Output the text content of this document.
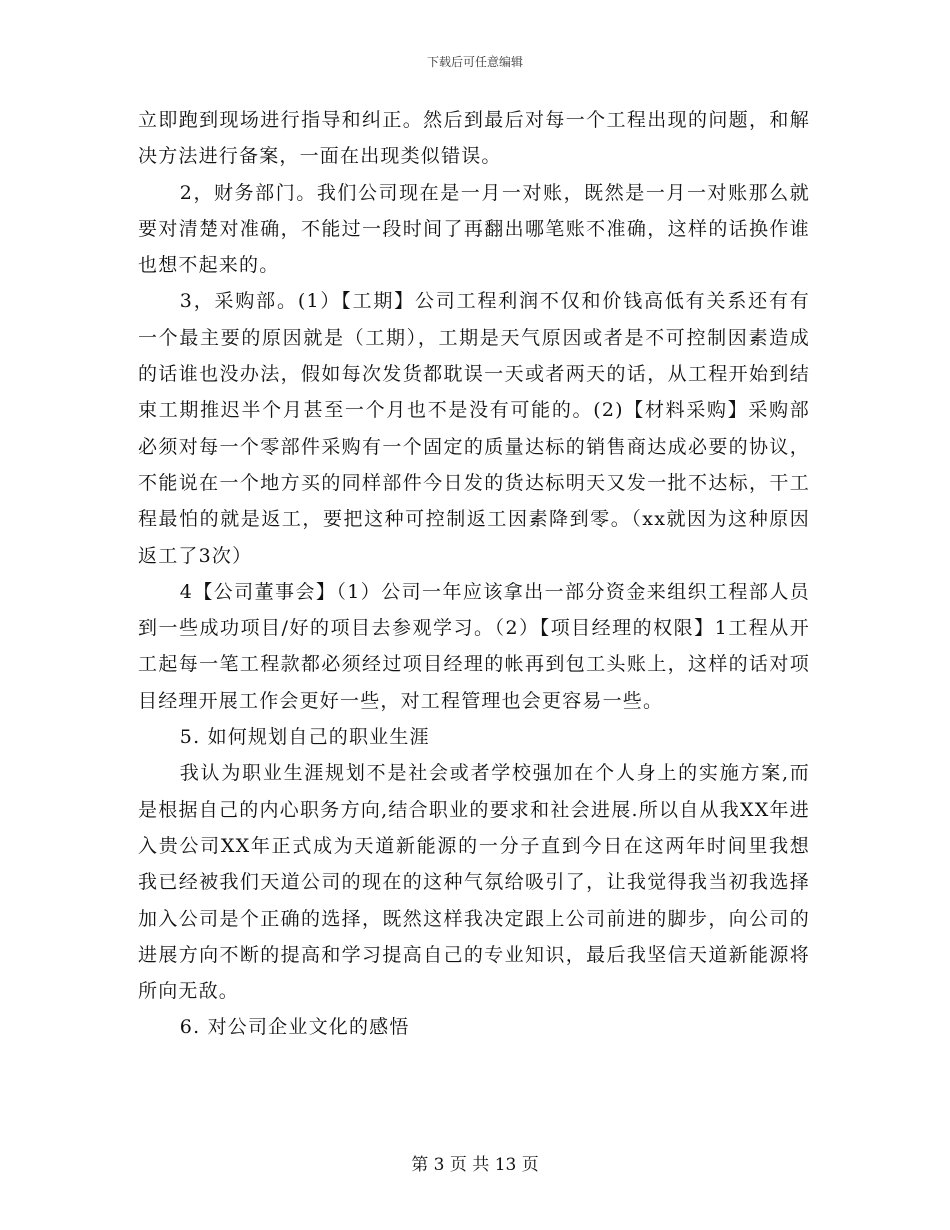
下载后可任意编辑

立即跑到现场进行指导和纠正。然后到最后对每一个工程出现的问题，和解决方法进行备案，一面在出现类似错误。

2，财务部门。我们公司现在是一月一对账，既然是一月一对账那么就要对清楚对准确，不能过一段时间了再翻出哪笔账不准确，这样的话换作谁也想不起来的。

3，采购部。(1）【工期】公司工程利润不仅和价钱高低有关系还有有一个最主要的原因就是（工期），工期是天气原因或者是不可控制因素造成的话谁也没办法，假如每次发货都耽误一天或者两天的话，从工程开始到结束工期推迟半个月甚至一个月也不是没有可能的。(2)【材料采购】采购部必须对每一个零部件采购有一个固定的质量达标的销售商达成必要的协议，不能说在一个地方买的同样部件今日发的货达标明天又发一批不达标，干工程最怕的就是返工，要把这种可控制返工因素降到零。（xx就因为这种原因返工了3次）

4【公司董事会】（1）公司一年应该拿出一部分资金来组织工程部人员到一些成功项目/好的项目去参观学习。（2）【项目经理的权限】1工程从开工起每一笔工程款都必须经过项目经理的帐再到包工头账上，这样的话对项目经理开展工作会更好一些，对工程管理也会更容易一些。

5. 如何规划自己的职业生涯

我认为职业生涯规划不是社会或者学校强加在个人身上的实施方案,而是根据自己的内心职务方向,结合职业的要求和社会进展.所以自从我XX年进入贵公司XX年正式成为天道新能源的一分子直到今日在这两年时间里我想我已经被我们天道公司的现在的这种气氛给吸引了，让我觉得我当初我选择加入公司是个正确的选择，既然这样我决定跟上公司前进的脚步，向公司的进展方向不断的提高和学习提高自己的专业知识，最后我坚信天道新能源将所向无敌。

6. 对公司企业文化的感悟

第 3 页 共 13 页
